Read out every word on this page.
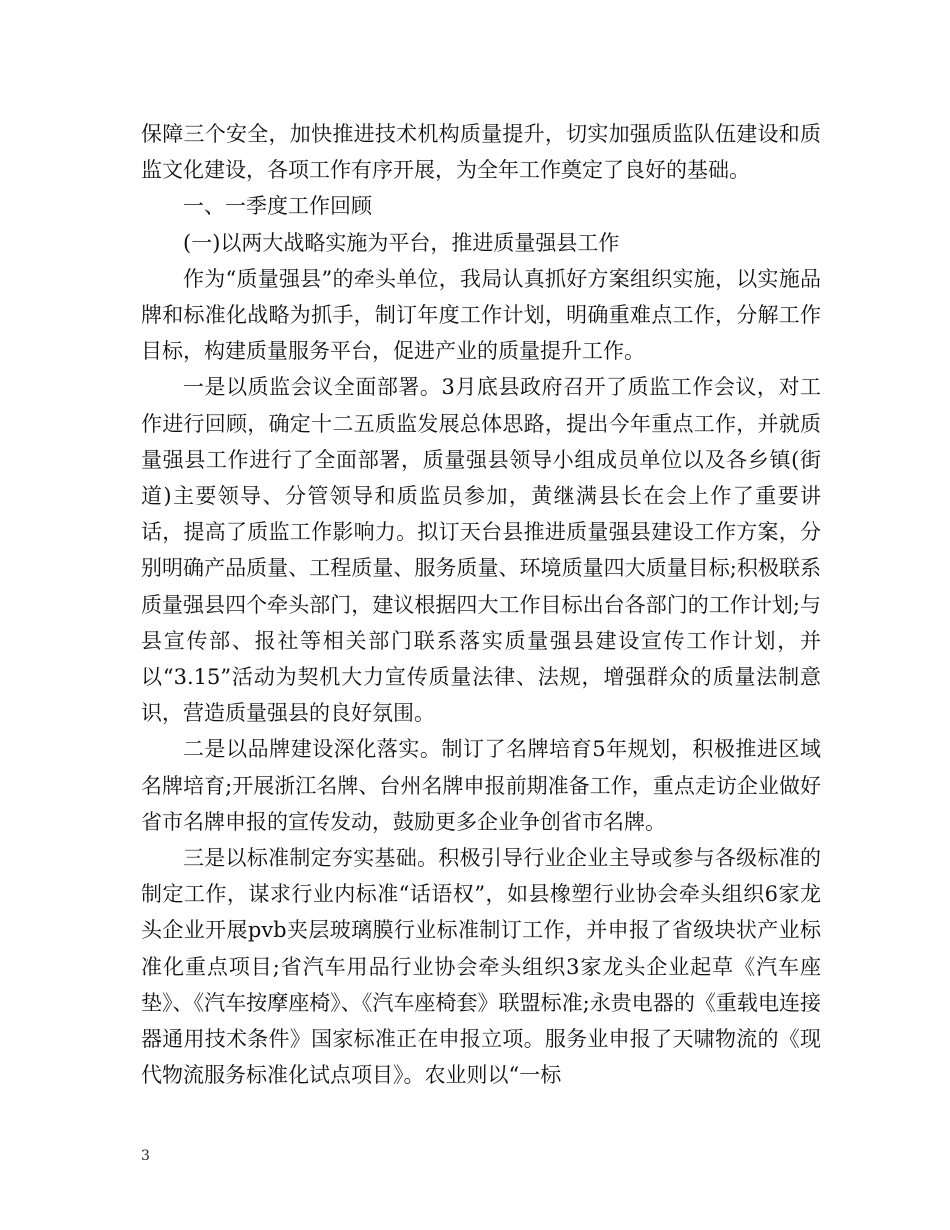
保障三个安全，加快推进技术机构质量提升，切实加强质监队伍建设和质监文化建设，各项工作有序开展，为全年工作奠定了良好的基础。

一、一季度工作回顾

(一)以两大战略实施为平台，推进质量强县工作

作为“质量强县”的牵头单位，我局认真抓好方案组织实施，以实施品牌和标准化战略为抓手，制订年度工作计划，明确重难点工作，分解工作目标，构建质量服务平台，促进产业的质量提升工作。

一是以质监会议全面部署。3月底县政府召开了质监工作会议，对工作进行回顾，确定十二五质监发展总体思路，提出今年重点工作，并就质量强县工作进行了全面部署，质量强县领导小组成员单位以及各乡镇(街道)主要领导、分管领导和质监员参加，黄继满县长在会上作了重要讲话，提高了质监工作影响力。拟订天台县推进质量强县建设工作方案，分别明确产品质量、工程质量、服务质量、环境质量四大质量目标;积极联系质量强县四个牵头部门，建议根据四大工作目标出台各部门的工作计划;与县宣传部、报社等相关部门联系落实质量强县建设宣传工作计划，并以“3.15”活动为契机大力宣传质量法律、法规，增强群众的质量法制意识，营造质量强县的良好氛围。

二是以品牌建设深化落实。制订了名牌培育5年规划，积极推进区域名牌培育;开展浙江名牌、台州名牌申报前期准备工作，重点走访企业做好省市名牌申报的宣传发动，鼓励更多企业争创省市名牌。

三是以标准制定夯实基础。积极引导行业企业主导或参与各级标准的制定工作，谋求行业内标准“话语权”，如县橡塑行业协会牵头组织6家龙头企业开展pvb夹层玻璃膜行业标准制订工作，并申报了省级块状产业标准化重点项目;省汽车用品行业协会牵头组织3家龙头企业起草《汽车座垫》、《汽车按摩座椅》、《汽车座椅套》联盟标准;永贵电器的《重载电连接器通用技术条件》国家标准正在申报立项。服务业申报了天啸物流的《现代物流服务标准化试点项目》。农业则以“一标

3
